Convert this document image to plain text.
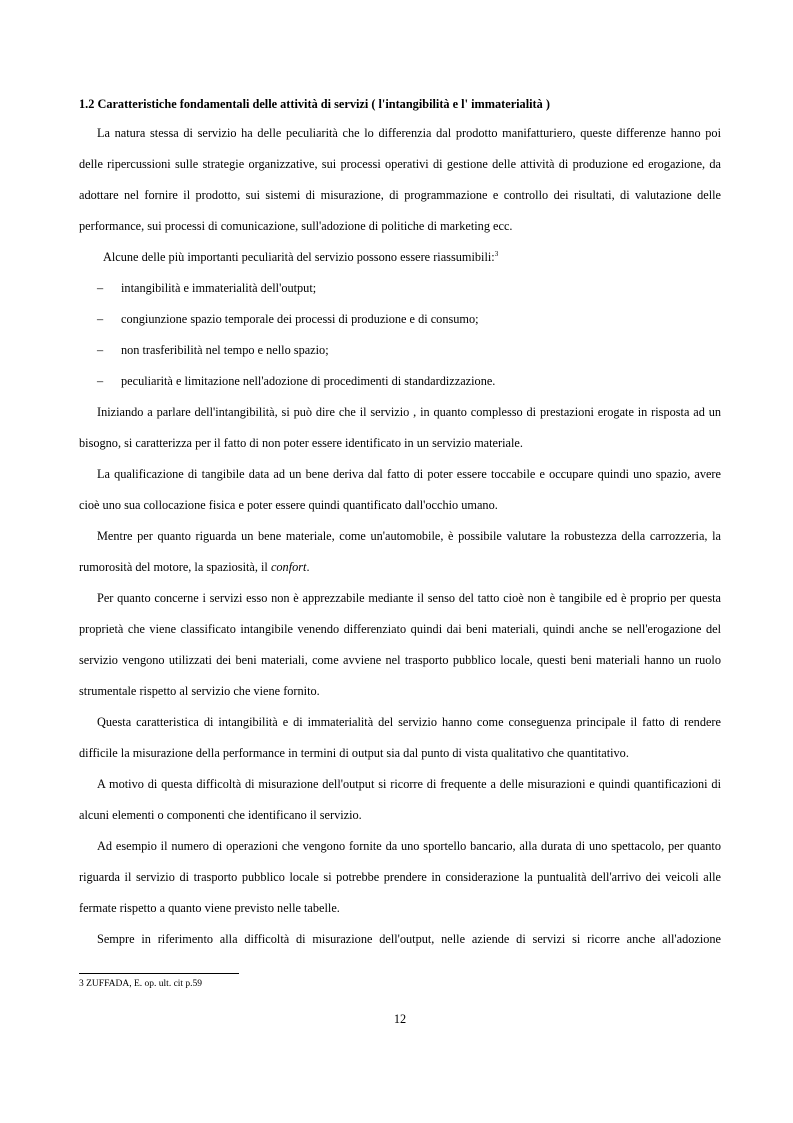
1.2 Caratteristiche fondamentali delle attività di servizi ( l'intangibilità e l' immaterialità )

La natura stessa di servizio ha delle peculiarità che lo differenzia dal prodotto manifatturiero, queste differenze hanno poi delle ripercussioni sulle strategie organizzative, sui processi operativi di gestione delle attività di produzione ed erogazione, da adottare nel fornire il prodotto, sui sistemi di misurazione, di programmazione e controllo dei risultati, di valutazione delle performance, sui processi di comunicazione, sull'adozione di politiche di marketing ecc.

Alcune delle più importanti peculiarità del servizio possono essere riassumibili:$^3$

– intangibilità e immaterialità dell'output;
– congiunzione spazio temporale dei processi di produzione e di consumo;
– non trasferibilità nel tempo e nello spazio;
– peculiarità e limitazione nell'adozione di procedimenti di standardizzazione.

Iniziando a parlare dell'intangibilità, si può dire che il servizio , in quanto complesso di prestazioni erogate in risposta ad un bisogno, si caratterizza per il fatto di non poter essere identificato in un servizio materiale.

La qualificazione di tangibile data ad un bene deriva dal fatto di poter essere toccabile e occupare quindi uno spazio, avere cioè uno sua collocazione fisica e poter essere quindi quantificato dall'occhio umano.

Mentre per quanto riguarda un bene materiale, come un'automobile, è possibile valutare la robustezza della carrozzeria, la rumorosità del motore, la spaziosità, il confort.

Per quanto concerne i servizi esso non è apprezzabile mediante il senso del tatto cioè non è tangibile ed è proprio per questa proprietà che viene classificato intangibile venendo differenziato quindi dai beni materiali, quindi anche se nell'erogazione del servizio vengono utilizzati dei beni materiali, come avviene nel trasporto pubblico locale, questi beni materiali hanno un ruolo strumentale rispetto al servizio che viene fornito.

Questa caratteristica di intangibilità e di immaterialità del servizio hanno come conseguenza principale il fatto di rendere difficile la misurazione della performance in termini di output sia dal punto di vista qualitativo che quantitativo.

A motivo di questa difficoltà di misurazione dell'output si ricorre di frequente a delle misurazioni e quindi quantificazioni di alcuni elementi o componenti che identificano il servizio.

Ad esempio il numero di operazioni che vengono fornite da uno sportello bancario, alla durata di uno spettacolo, per quanto riguarda il servizio di trasporto pubblico locale si potrebbe prendere in considerazione la puntualità dell'arrivo dei veicoli alle fermate rispetto a quanto viene previsto nelle tabelle.

Sempre in riferimento alla difficoltà di misurazione dell'output, nelle aziende di servizi si ricorre anche all'adozione

3 ZUFFADA, E. op. ult. cit p.59
12
